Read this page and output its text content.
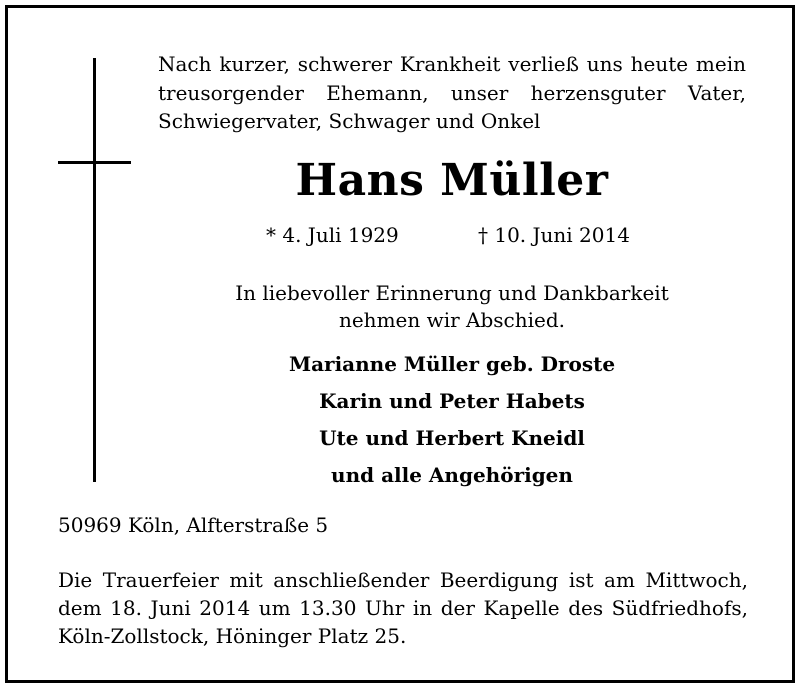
Nach kurzer, schwerer Krankheit verließ uns heute mein treusorgender Ehemann, unser herzensguter Vater, Schwiegervater, Schwager und Onkel
Hans Müller
* 4. Juli 1929	† 10. Juni 2014
In liebevoller Erinnerung und Dankbarkeit
nehmen wir Abschied.
Marianne Müller geb. Droste
Karin und Peter Habets
Ute und Herbert Kneidl
und alle Angehörigen
50969 Köln, Alfterstraße 5
Die Trauerfeier mit anschließender Beerdigung ist am Mittwoch, dem 18. Juni 2014 um 13.30 Uhr in der Kapelle des Südfriedhofs, Köln-Zollstock, Höninger Platz 25.
